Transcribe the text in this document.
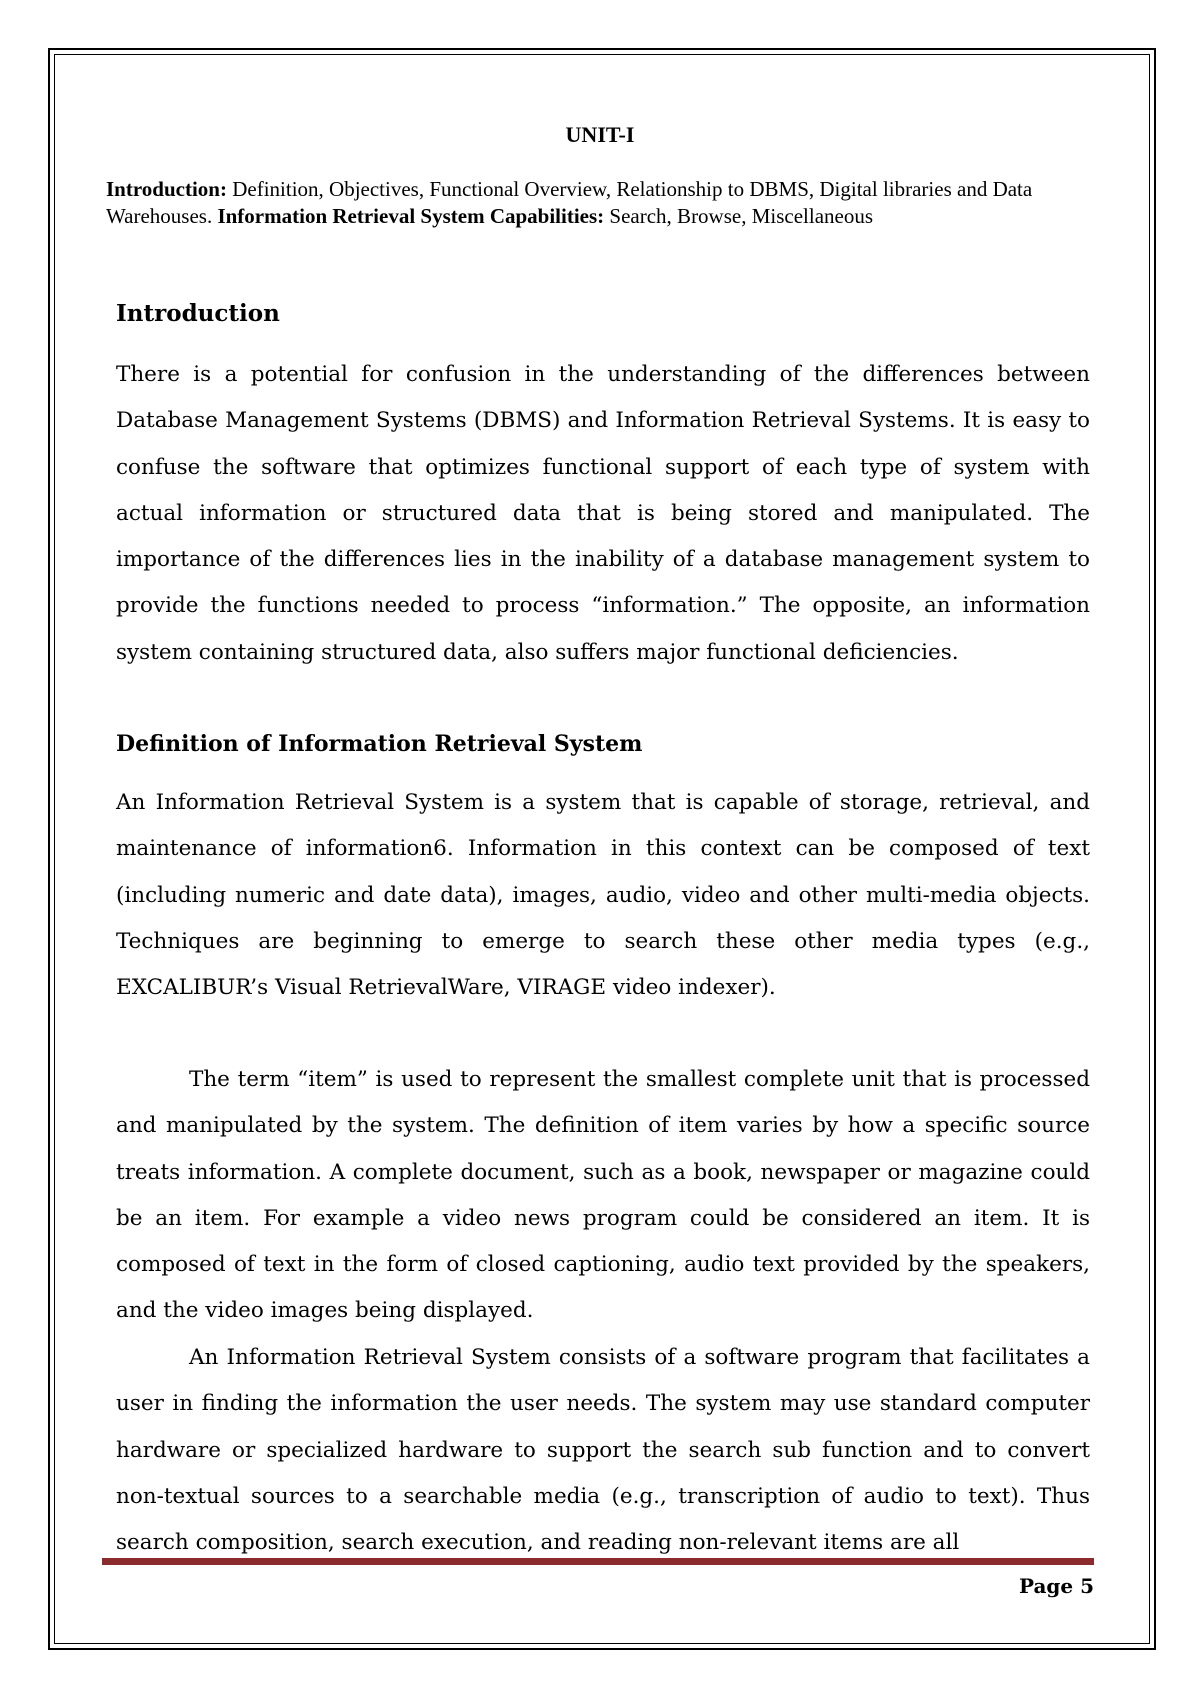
UNIT-I
Introduction: Definition, Objectives, Functional Overview, Relationship to DBMS, Digital libraries and Data Warehouses. Information Retrieval System Capabilities: Search, Browse, Miscellaneous
Introduction

There is a potential for confusion in the understanding of the differences between Database Management Systems (DBMS) and Information Retrieval Systems. It is easy to confuse the software that optimizes functional support of each type of system with actual information or structured data that is being stored and manipulated. The importance of the differences lies in the inability of a database management system to provide the functions needed to process “information.” The opposite, an information system containing structured data, also suffers major functional deficiencies.

Definition of Information Retrieval System

An Information Retrieval System is a system that is capable of storage, retrieval, and maintenance of information6. Information in this context can be composed of text (including numeric and date data), images, audio, video and other multi-media objects. Techniques are beginning to emerge to search these other media types (e.g., EXCALIBUR’s Visual RetrievalWare, VIRAGE video indexer).

The term “item” is used to represent the smallest complete unit that is processed and manipulated by the system. The definition of item varies by how a specific source treats information. A complete document, such as a book, newspaper or magazine could be an item. For example a video news program could be considered an item. It is composed of text in the form of closed captioning, audio text provided by the speakers, and the video images being displayed.

An Information Retrieval System consists of a software program that facilitates a user in finding the information the user needs. The system may use standard computer hardware or specialized hardware to support the search sub function and to convert non-textual sources to a searchable media (e.g., transcription of audio to text). Thus search composition, search execution, and reading non-relevant items are all

Page 5
